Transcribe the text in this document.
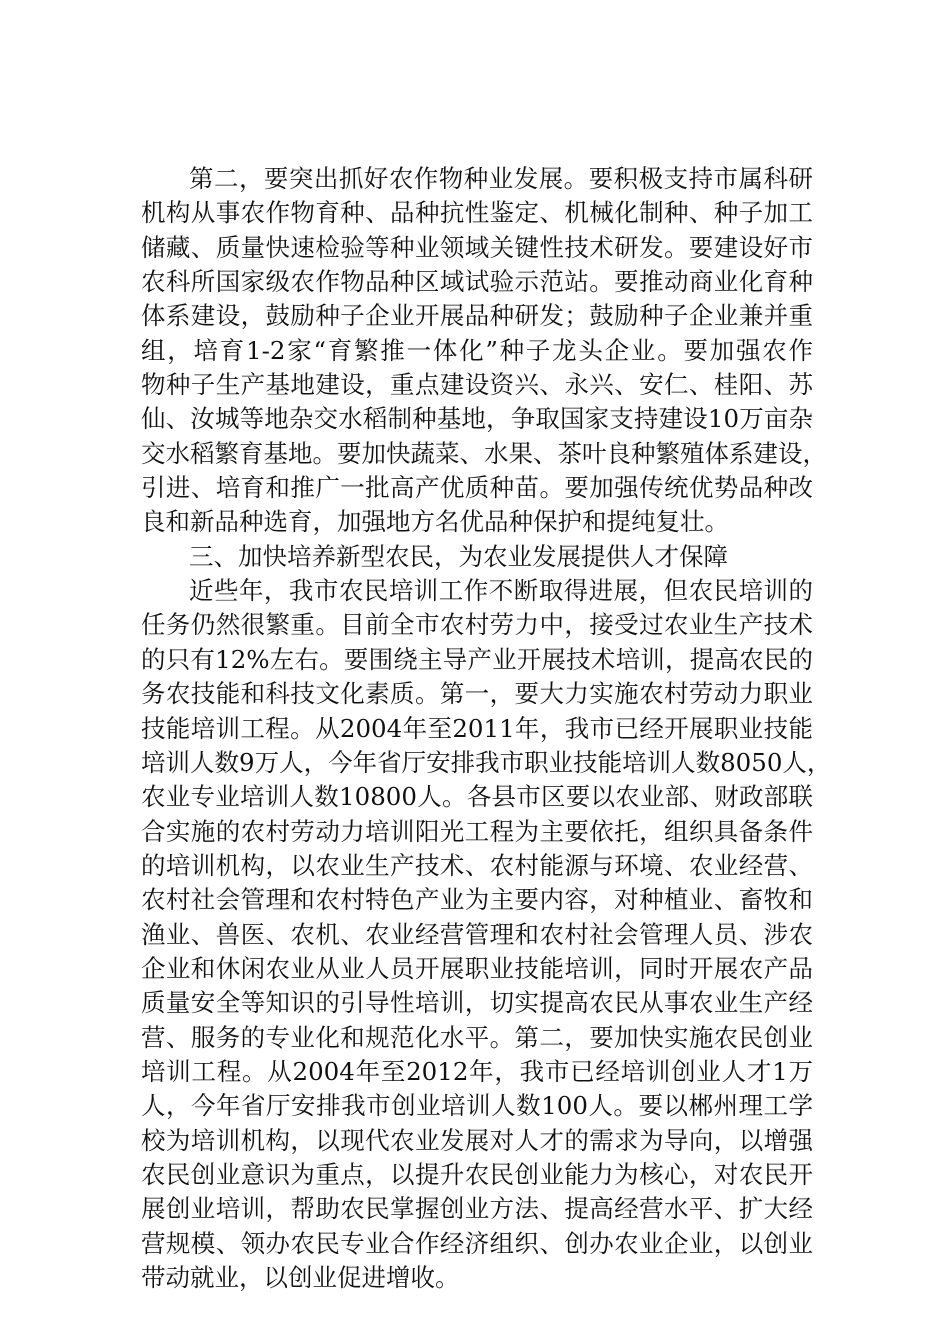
第二，要突出抓好农作物种业发展。要积极支持市属科研
机构从事农作物育种、品种抗性鉴定、机械化制种、种子加工
储藏、质量快速检验等种业领域关键性技术研发。要建设好市
农科所国家级农作物品种区域试验示范站。要推动商业化育种
体系建设，鼓励种子企业开展品种研发；鼓励种子企业兼并重
组，培育1-2家“育繁推一体化”种子龙头企业。要加强农作
物种子生产基地建设，重点建设资兴、永兴、安仁、桂阳、苏
仙、汝城等地杂交水稻制种基地，争取国家支持建设10万亩杂
交水稻繁育基地。要加快蔬菜、水果、茶叶良种繁殖体系建设，
引进、培育和推广一批高产优质种苗。要加强传统优势品种改
良和新品种选育，加强地方名优品种保护和提纯复壮。
三、加快培养新型农民，为农业发展提供人才保障
近些年，我市农民培训工作不断取得进展，但农民培训的
任务仍然很繁重。目前全市农村劳力中，接受过农业生产技术
的只有12%左右。要围绕主导产业开展技术培训，提高农民的
务农技能和科技文化素质。第一，要大力实施农村劳动力职业
技能培训工程。从2004年至2011年，我市已经开展职业技能
培训人数9万人，今年省厅安排我市职业技能培训人数8050人，
农业专业培训人数10800人。各县市区要以农业部、财政部联
合实施的农村劳动力培训阳光工程为主要依托，组织具备条件
的培训机构，以农业生产技术、农村能源与环境、农业经营、
农村社会管理和农村特色产业为主要内容，对种植业、畜牧和
渔业、兽医、农机、农业经营管理和农村社会管理人员、涉农
企业和休闲农业从业人员开展职业技能培训，同时开展农产品
质量安全等知识的引导性培训，切实提高农民从事农业生产经
营、服务的专业化和规范化水平。第二，要加快实施农民创业
培训工程。从2004年至2012年，我市已经培训创业人才1万
人，今年省厅安排我市创业培训人数100人。要以郴州理工学
校为培训机构，以现代农业发展对人才的需求为导向，以增强
农民创业意识为重点，以提升农民创业能力为核心，对农民开
展创业培训，帮助农民掌握创业方法、提高经营水平、扩大经
营规模、领办农民专业合作经济组织、创办农业企业，以创业
带动就业，以创业促进增收。
